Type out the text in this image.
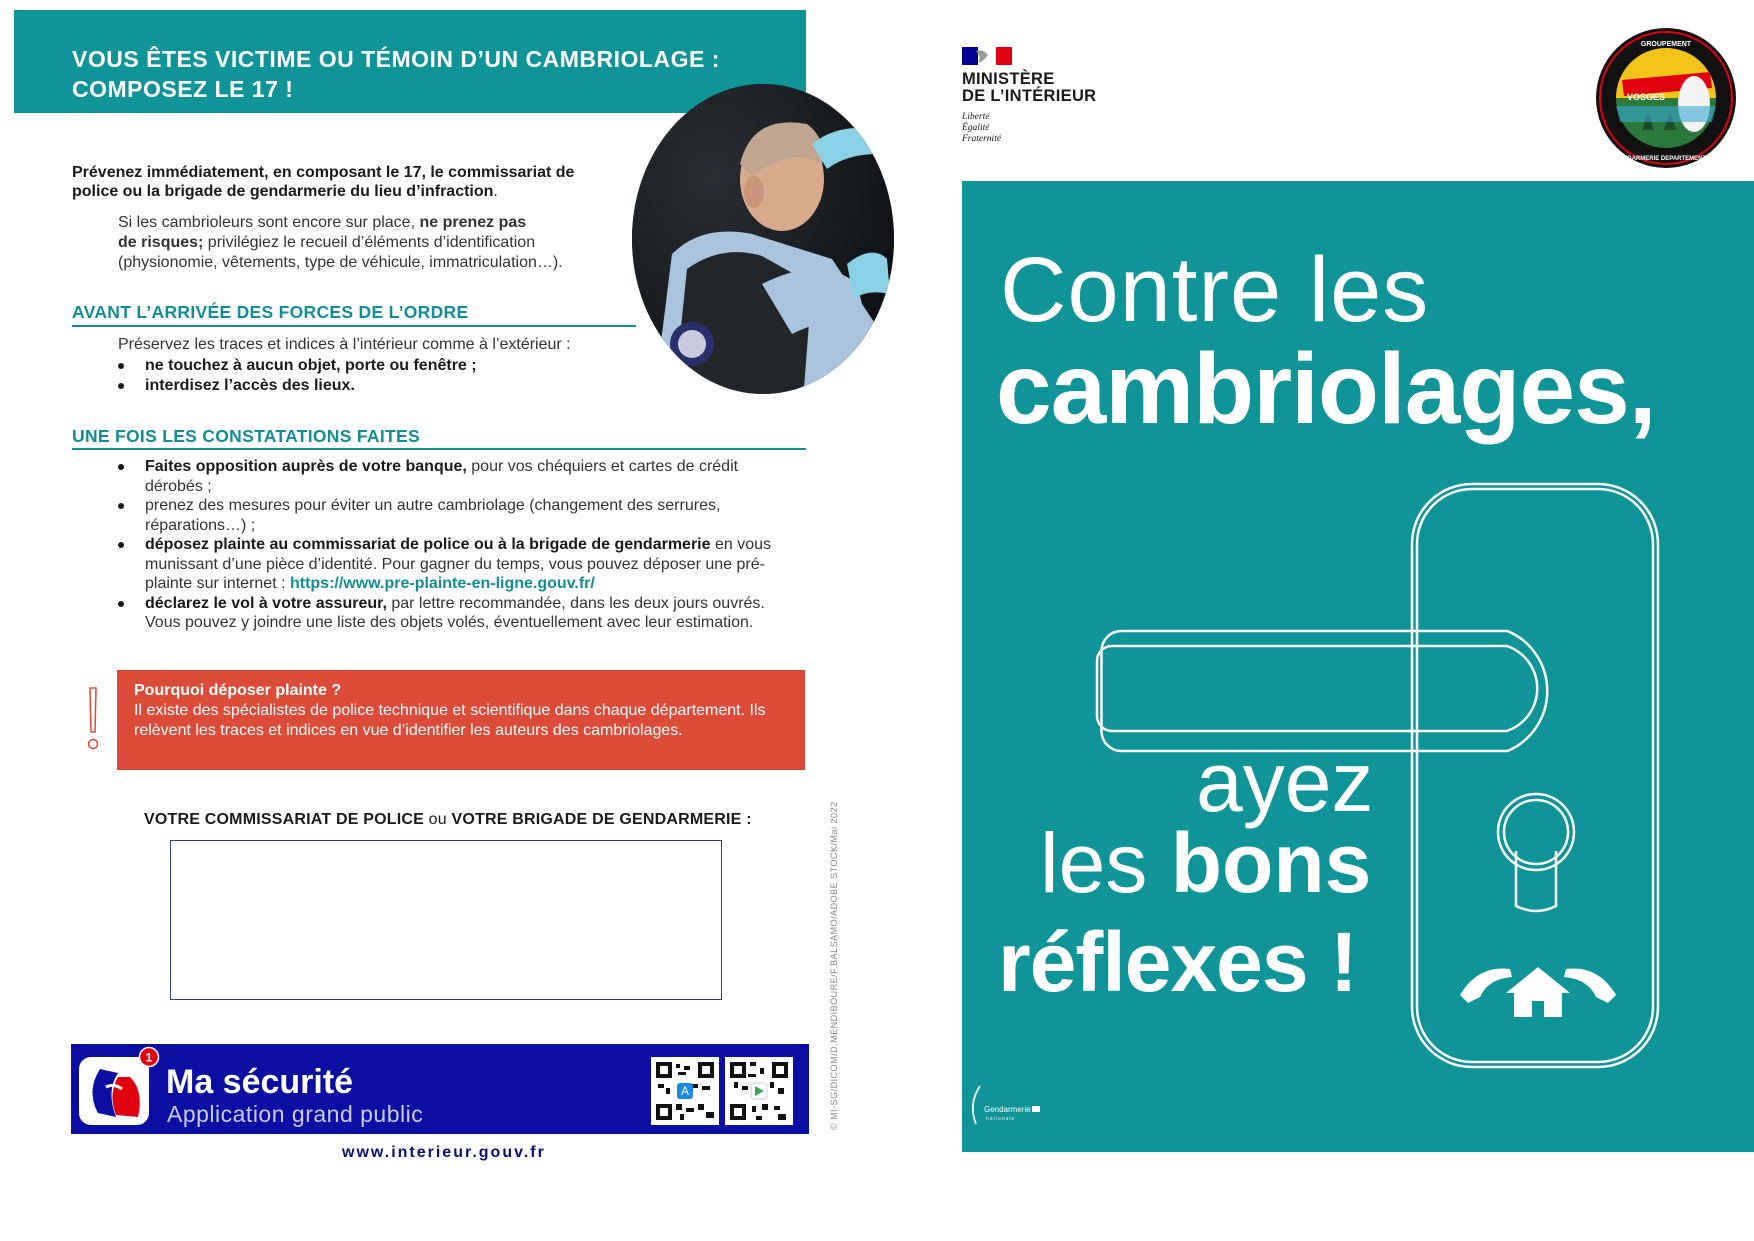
VOUS ÊTES VICTIME OU TÉMOIN D’UN CAMBRIOLAGE :
COMPOSEZ LE 17 !
Prévenez immédiatement, en composant le 17, le commissariat de
police ou la brigade de gendarmerie du lieu d’infraction.
Si les cambrioleurs sont encore sur place, ne prenez pas
de risques; privilégiez le recueil d’éléments d’identification
(physionomie, vêtements, type de véhicule, immatriculation…).
AVANT L’ARRIVÉE DES FORCES DE L’ORDRE
Préservez les traces et indices à l’intérieur comme à l’extérieur :
ne touchez à aucun objet, porte ou fenêtre ;
interdisez l’accès des lieux.
UNE FOIS LES CONSTATATIONS FAITES
Faites opposition auprès de votre banque, pour vos chéquiers et cartes de crédit dérobés ;
prenez des mesures pour éviter un autre cambriolage (changement des serrures, réparations…) ;
déposez plainte au commissariat de police ou à la brigade de gendarmerie en vous munissant d’une pièce d’identité. Pour gagner du temps, vous pouvez déposer une pré-plainte sur internet : https://www.pre-plainte-en-ligne.gouv.fr/
déclarez le vol à votre assureur, par lettre recommandée, dans les deux jours ouvrés. Vous pouvez y joindre une liste des objets volés, éventuellement avec leur estimation.
Pourquoi déposer plainte ?
Il existe des spécialistes de police technique et scientifique dans chaque département. Ils relèvent les traces et indices en vue d’identifier les auteurs des cambriolages.
VOTRE COMMISSARIAT DE POLICE ou VOTRE BRIGADE DE GENDARMERIE :	© MI-SG/DICOM/D.MENDIBOURE/F.BALSAMO/ADOBE STOCK/Mai 2022
1
Ma sécurité
Application grand public
A
www.interieur.gouv.fr
MINISTÈRE
DE L’INTÉRIEUR
Liberté
Égalité
Fraternité
GROUPEMENT
VOSGES
GENDARMERIE DEPARTEMENTALE
Contre les
cambriolages,
ayez
les bons
réflexes !
Gendarmerie
nationale
